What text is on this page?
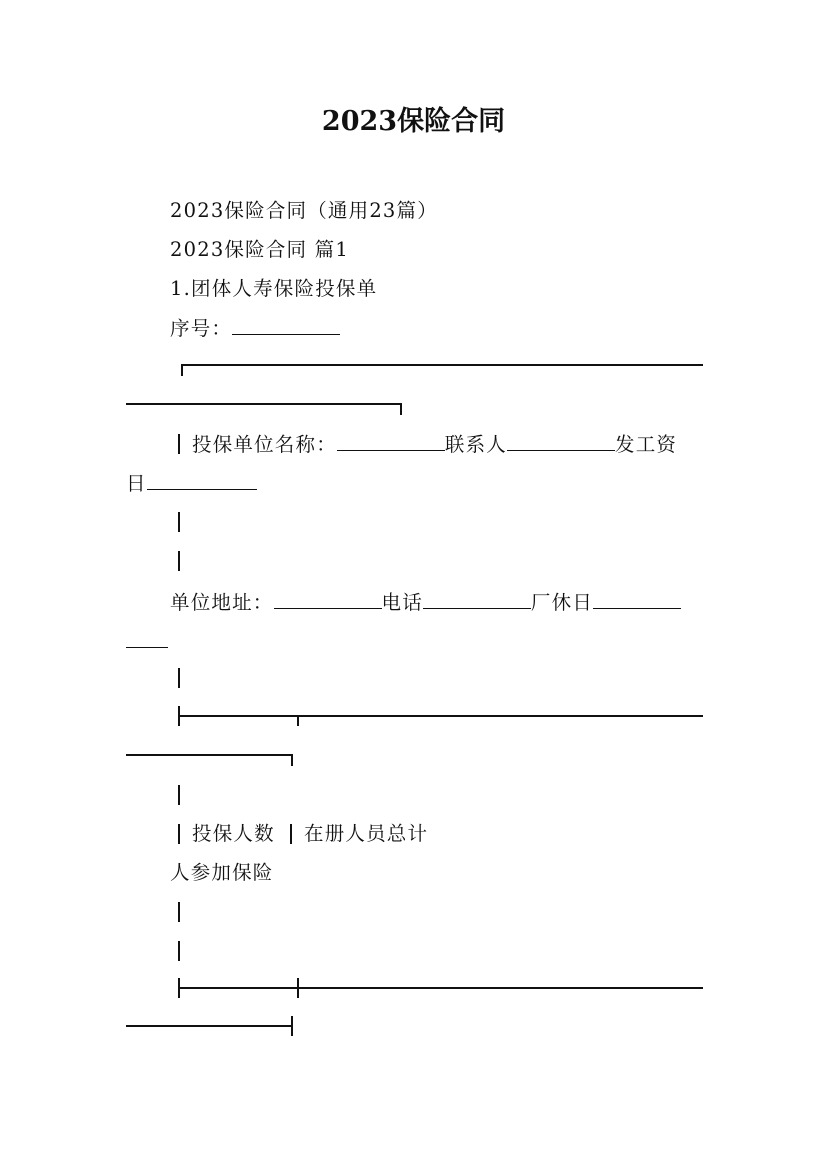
2023保险合同
2023保险合同（通用23篇）
2023保险合同 篇1
1.团体人寿保险投保单
序号：
投保单位名称：	联系人	发工资
日
单位地址：	电话	厂休日
投保人数	在册人员总计
人参加保险
